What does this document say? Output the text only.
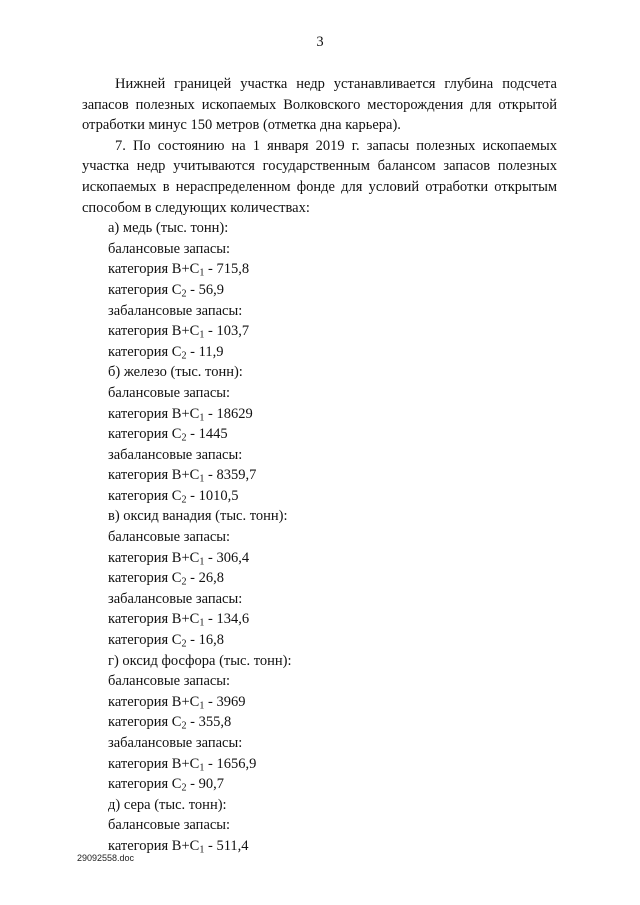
3

Нижней границей участка недр устанавливается глубина подсчета запасов полезных ископаемых Волковского месторождения для открытой отработки минус 150 метров (отметка дна карьера).

7. По состоянию на 1 января 2019 г. запасы полезных ископаемых участка недр учитываются государственным балансом запасов полезных ископаемых в нераспределенном фонде для условий отработки открытым способом в следующих количествах:

а) медь (тыс. тонн):
балансовые запасы:
категория $В+С_1 - 715,8$
категория $С_2 - 56,9$
забалансовые запасы:
категория $В+С_1 - 103,7$
категория $С_2 - 11,9$
б) железо (тыс. тонн):
балансовые запасы:
категория $В+С_1 - 18629$
категория $С_2 - 1445$
забалансовые запасы:
категория $В+С_1 - 8359,7$
категория $С_2 - 1010,5$
в) оксид ванадия (тыс. тонн):
балансовые запасы:
категория $В+С_1 - 306,4$
категория $С_2 - 26,8$
забалансовые запасы:
категория $В+С_1 - 134,6$
категория $С_2 - 16,8$
г) оксид фосфора (тыс. тонн):
балансовые запасы:
категория $В+С_1 - 3969$
категория $С_2 - 355,8$
забалансовые запасы:
категория $В+С_1 - 1656,9$
категория $С_2 - 90,7$
д) сера (тыс. тонн):
балансовые запасы:
категория $В+С_1 - 511,4$
29092558.doc
